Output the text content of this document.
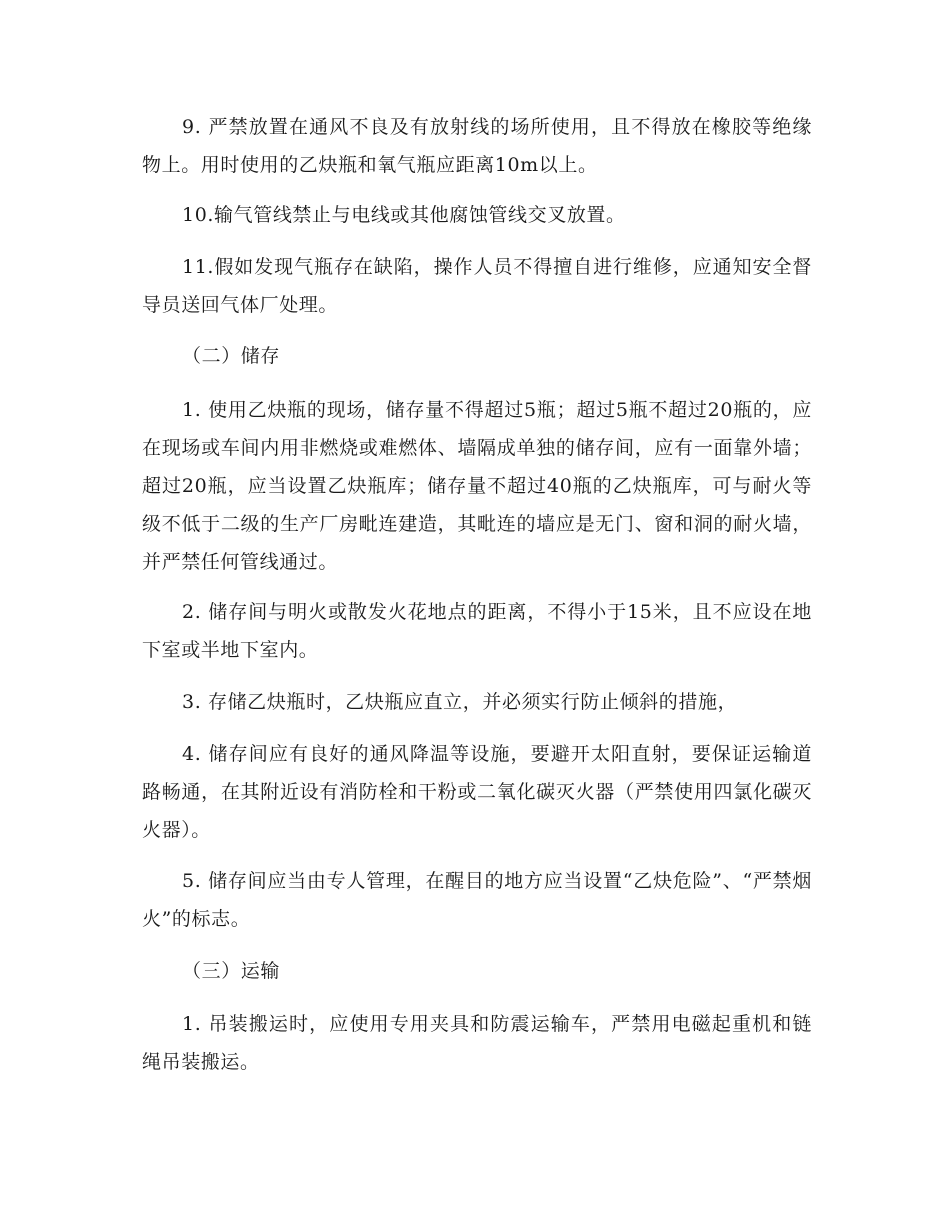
9. 严禁放置在通风不良及有放射线的场所使用，且不得放在橡胶等绝缘物上。用时使用的乙炔瓶和氧气瓶应距离10m以上。

10.输气管线禁止与电线或其他腐蚀管线交叉放置。

11.假如发现气瓶存在缺陷，操作人员不得擅自进行维修，应通知安全督导员送回气体厂处理。

（二）储存

1. 使用乙炔瓶的现场，储存量不得超过5瓶；超过5瓶不超过20瓶的，应在现场或车间内用非燃烧或难燃体、墙隔成单独的储存间，应有一面靠外墙；超过20瓶，应当设置乙炔瓶库；储存量不超过40瓶的乙炔瓶库，可与耐火等级不低于二级的生产厂房毗连建造，其毗连的墙应是无门、窗和洞的耐火墙，并严禁任何管线通过。

2. 储存间与明火或散发火花地点的距离，不得小于15米，且不应设在地下室或半地下室内。

3. 存储乙炔瓶时，乙炔瓶应直立，并必须实行防止倾斜的措施，

4. 储存间应有良好的通风降温等设施，要避开太阳直射，要保证运输道路畅通，在其附近设有消防栓和干粉或二氧化碳灭火器（严禁使用四氯化碳灭火器）。

5. 储存间应当由专人管理，在醒目的地方应当设置“乙炔危险”、“严禁烟火”的标志。

（三）运输

1. 吊装搬运时，应使用专用夹具和防震运输车，严禁用电磁起重机和链绳吊装搬运。
